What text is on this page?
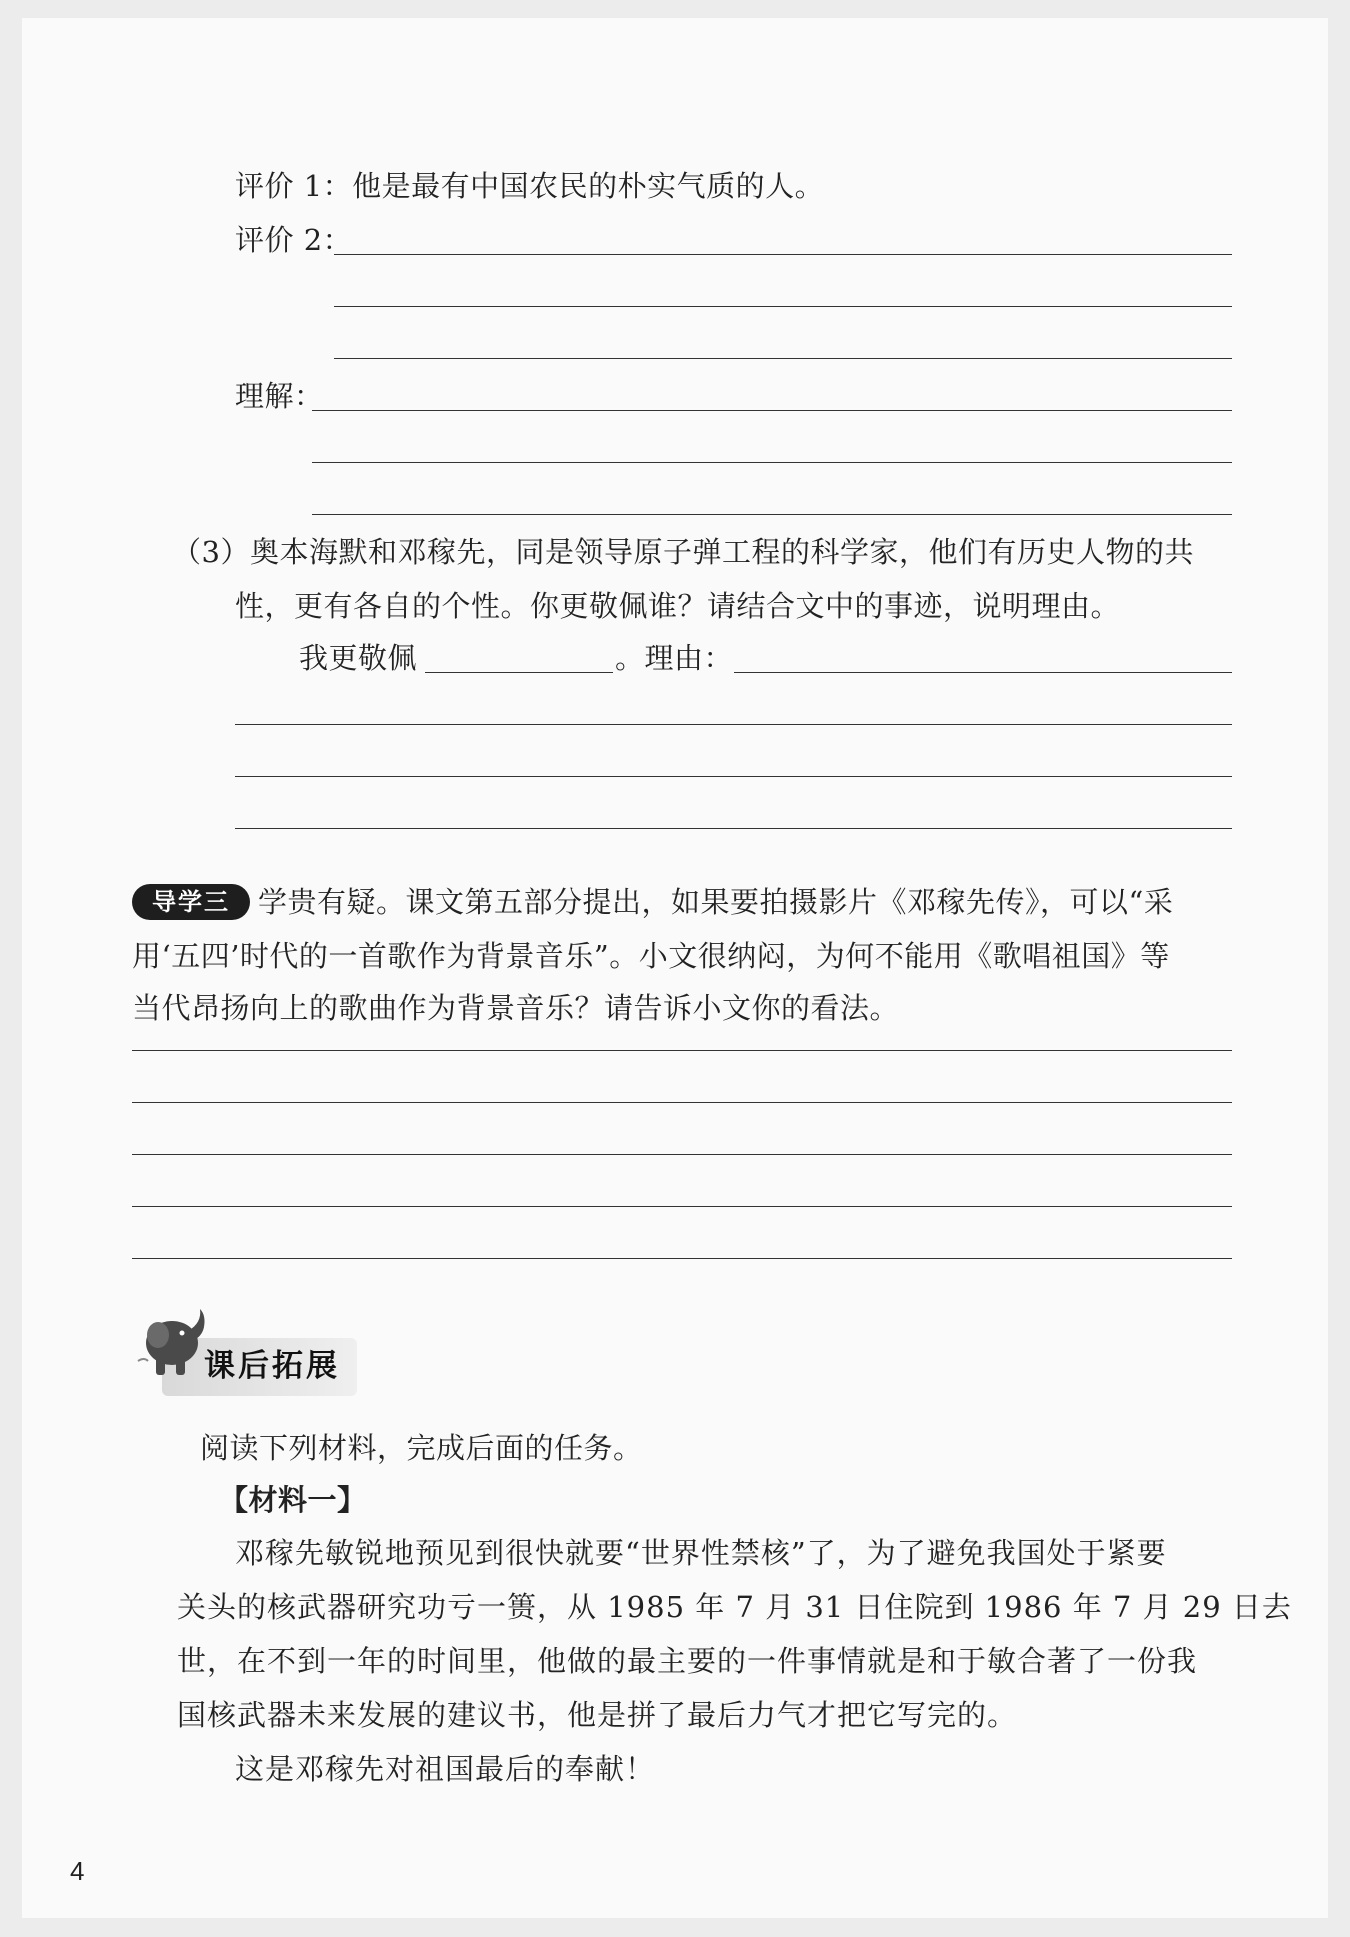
评价 1：他是最有中国农民的朴实气质的人。
评价 2：
理解：
（3）奥本海默和邓稼先，同是领导原子弹工程的科学家，他们有历史人物的共
性，更有各自的个性。你更敬佩谁？请结合文中的事迹，说明理由。
我更敬佩	。理由：
导学三 学贵有疑。课文第五部分提出，如果要拍摄影片《邓稼先传》，可以“采
用‘五四’时代的一首歌作为背景音乐”。小文很纳闷，为何不能用《歌唱祖国》等
当代昂扬向上的歌曲作为背景音乐？请告诉小文你的看法。
课后拓展
阅读下列材料，完成后面的任务。
【材料一】
邓稼先敏锐地预见到很快就要“世界性禁核”了，为了避免我国处于紧要
关头的核武器研究功亏一篑，从 1985 年 7 月 31 日住院到 1986 年 7 月 29 日去
世，在不到一年的时间里，他做的最主要的一件事情就是和于敏合著了一份我
国核武器未来发展的建议书，他是拼了最后力气才把它写完的。
这是邓稼先对祖国最后的奉献！
4
